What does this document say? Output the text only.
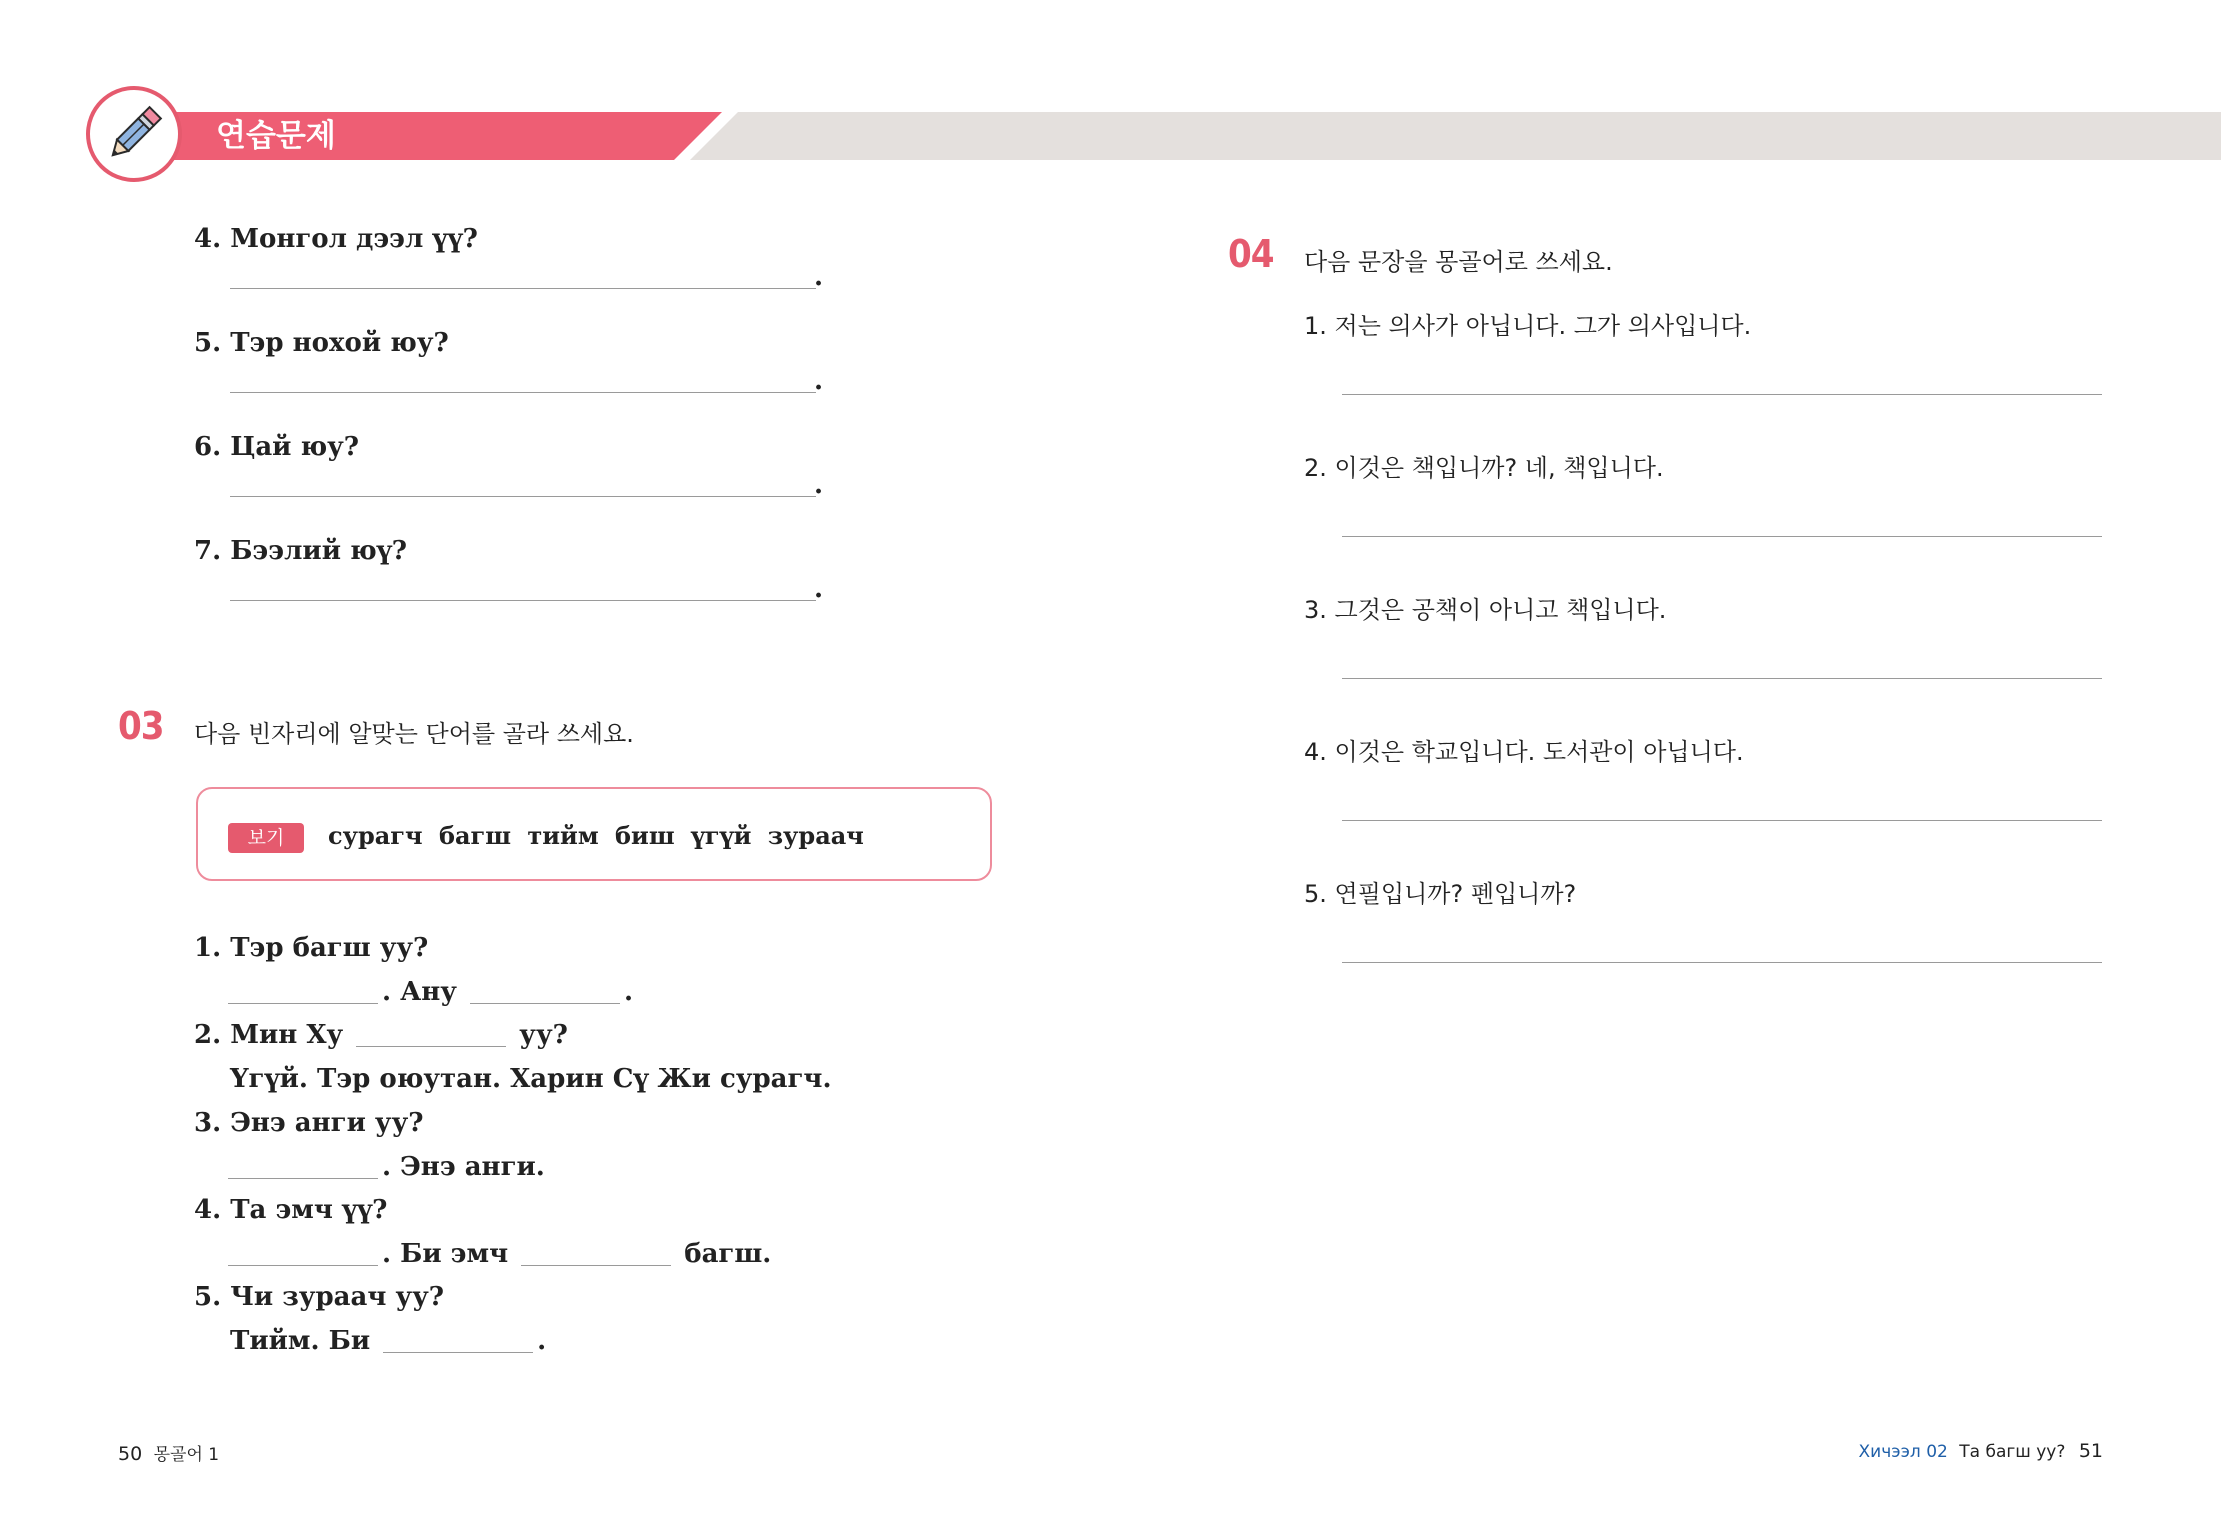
연습문제
4. Монгол дээл үү?
.
5. Тэр нохой юу?
.
6. Цай юу?
.
7. Бээлий юү?
.
03 다음 빈자리에 알맞는 단어를 골라 쓰세요.
보기	сурагч багш тийм биш үгүй зураач
1. Тэр багш уу?
. Ану	.
2. Мин Ху	уу?
Үгүй. Тэр оюутан. Харин Сү Жи сурагч.
3. Энэ анги уу?
. Энэ анги.
4. Та эмч үү?
. Би эмч	багш.
5. Чи зураач уу?
Тийм. Би	.
04 다음 문장을 몽골어로 쓰세요.
1. 저는 의사가 아닙니다. 그가 의사입니다.
2. 이것은 책입니까? 네, 책입니다.
3. 그것은 공책이 아니고 책입니다.
4. 이것은 학교입니다. 도서관이 아닙니다.
5. 연필입니까? 펜입니까?
50 몽골어 1	Хичээл 02 Та багш уу? 51
